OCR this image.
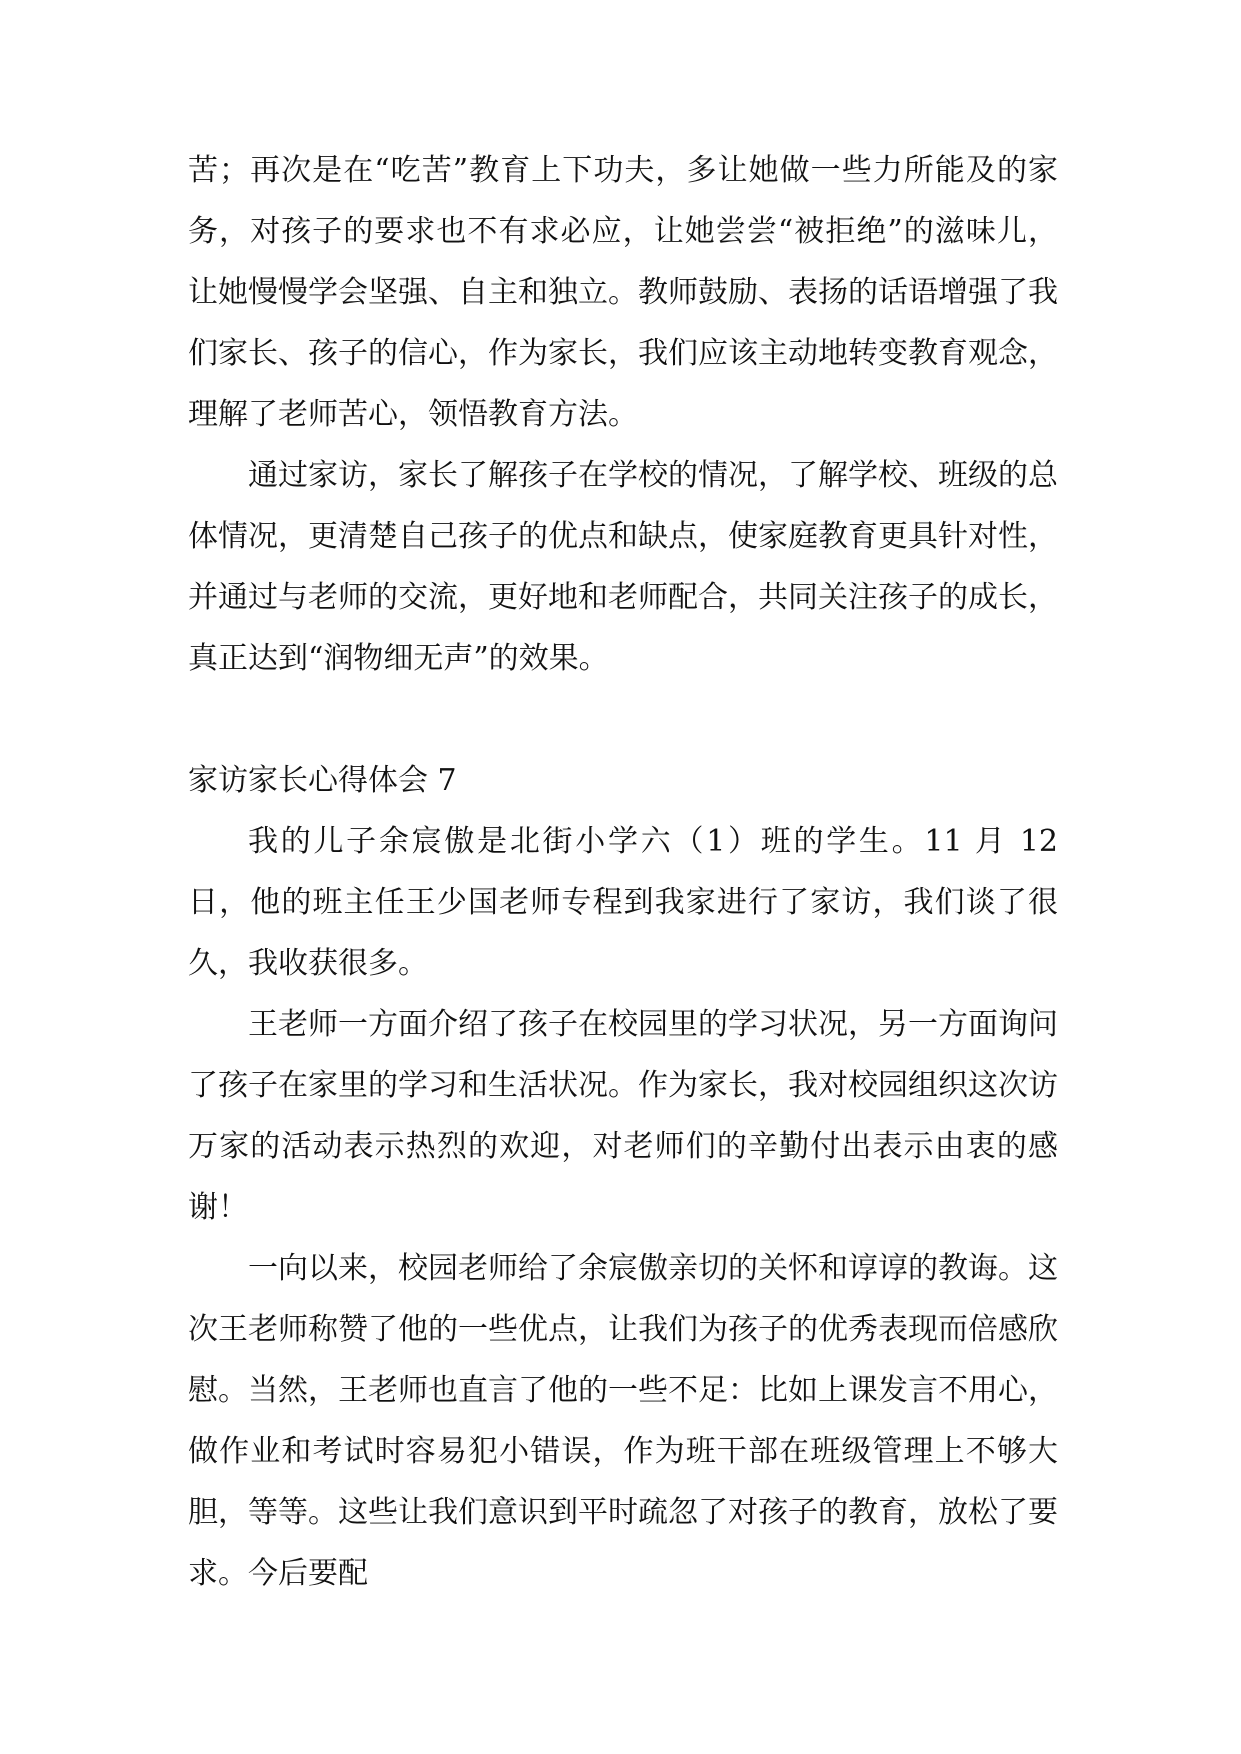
苦；再次是在“吃苦”教育上下功夫，多让她做一些力所能及的家务，对孩子的要求也不有求必应，让她尝尝“被拒绝”的滋味儿，让她慢慢学会坚强、自主和独立。教师鼓励、表扬的话语增强了我们家长、孩子的信心，作为家长，我们应该主动地转变教育观念，理解了老师苦心，领悟教育方法。

通过家访，家长了解孩子在学校的情况，了解学校、班级的总体情况，更清楚自己孩子的优点和缺点，使家庭教育更具针对性，并通过与老师的交流，更好地和老师配合，共同关注孩子的成长，真正达到“润物细无声”的效果。

家访家长心得体会 7

我的儿子余宸傲是北街小学六（1）班的学生。11 月 12 日，他的班主任王少国老师专程到我家进行了家访，我们谈了很久，我收获很多。

王老师一方面介绍了孩子在校园里的学习状况，另一方面询问了孩子在家里的学习和生活状况。作为家长，我对校园组织这次访万家的活动表示热烈的欢迎，对老师们的辛勤付出表示由衷的感谢！

一向以来，校园老师给了余宸傲亲切的关怀和谆谆的教诲。这次王老师称赞了他的一些优点，让我们为孩子的优秀表现而倍感欣慰。当然，王老师也直言了他的一些不足：比如上课发言不用心，做作业和考试时容易犯小错误，作为班干部在班级管理上不够大胆，等等。这些让我们意识到平时疏忽了对孩子的教育，放松了要求。今后要配
